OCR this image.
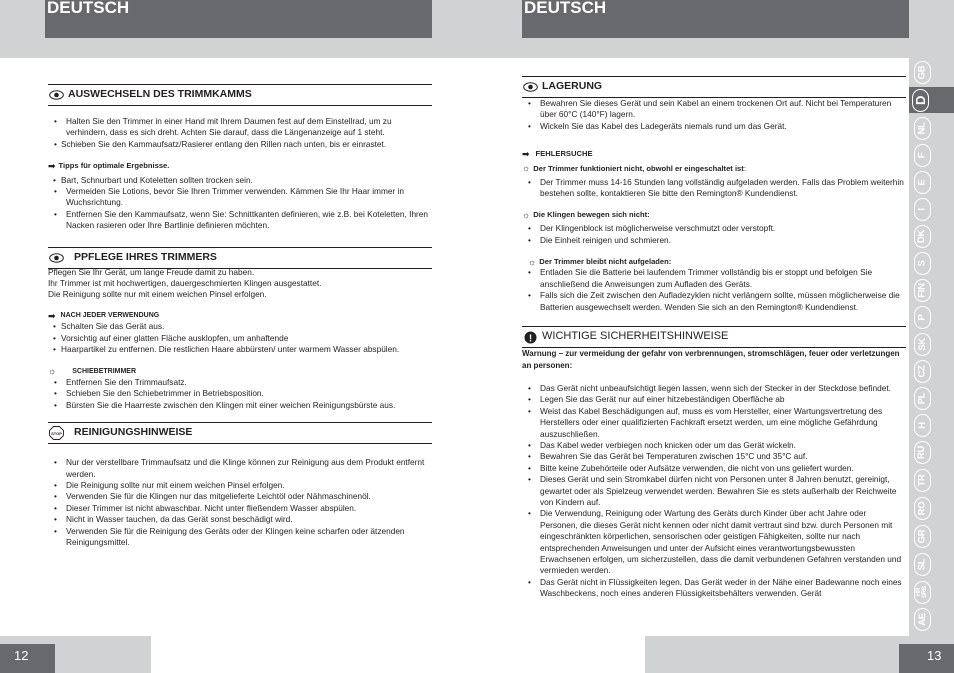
DEUTSCH	DEUTSCH
12	13
AUSWECHSELN DES TRIMMKAMMS
• Halten Sie den Trimmer in einer Hand mit Ihrem Daumen fest auf dem Einstellrad, um zu verhindern, dass es sich dreht. Achten Sie darauf, dass die Längenanzeige auf 1 steht.
• Schieben Sie den Kammaufsatz/Rasierer entlang den Rillen nach unten, bis er einrastet.
➡ Tipps für optimale Ergebnisse.
• Bart, Schnurbart und Koteletten sollten trocken sein.
• Vermeiden Sie Lotions, bevor Sie Ihren Trimmer verwenden. Kämmen Sie Ihr Haar immer in Wuchsrichtung.
• Entfernen Sie den Kammaufsatz, wenn Sie: Schnittkanten definieren, wie z.B. bei Koteletten, Ihren Nacken rasieren oder Ihre Bartlinie definieren möchten.
PPFLEGE IHRES TRIMMERS
Pflegen Sie Ihr Gerät, um lange Freude damit zu haben.
Ihr Trimmer ist mit hochwertigen, dauergeschmierten Klingen ausgestattet.
Die Reinigung sollte nur mit einem weichen Pinsel erfolgen.
➡ NACH JEDER VERWENDUNG
• Schalten Sie das Gerät aus.
• Vorsichtig auf einer glatten Fläche ausklopfen, um anhaftende
• Haarpartikel zu entfernen. Die restlichen Haare abbürsten/ unter warmem Wasser abspülen.
☼ SCHIEBETRIMMER
• Entfernen Sie den Trimmaufsatz.
• Schieben Sie den Schiebetrimmer in Betriebsposition.
• Bürsten Sie die Haarreste zwischen den Klingen mit einer weichen Reinigungsbürste aus.
STOP REINIGUNGSHINWEISE
• Nur der verstellbare Trimmaufsatz und die Klinge können zur Reinigung aus dem Produkt entfernt werden.
• Die Reinigung sollte nur mit einem weichen Pinsel erfolgen.
• Verwenden Sie für die Klingen nur das mitgelieferte Leichtöl oder Nähmaschinenöl.
• Dieser Trimmer ist nicht abwaschbar. Nicht unter fließendem Wasser abspülen.
• Nicht in Wasser tauchen, da das Gerät sonst beschädigt wird.
• Verwenden Sie für die Reinigung des Geräts oder der Klingen keine scharfen oder ätzenden Reinigungsmittel.
LAGERUNG
• Bewahren Sie dieses Gerät und sein Kabel an einem trockenen Ort auf. Nicht bei Temperaturen über 60°C (140°F) lagern.
• Wickeln Sie das Kabel des Ladegeräts niemals rund um das Gerät.
➡ FEHLERSUCHE
☼ Der Trimmer funktioniert nicht, obwohl er eingeschaltet ist :
• Der Trimmer muss 14-16 Stunden lang vollständig aufgeladen werden. Falls das Problem weiterhin bestehen sollte, kontaktieren Sie bitte den Remington® Kundendienst.
☼ Die Klingen bewegen sich nicht:
• Der Klingenblock ist möglicherweise verschmutzt oder verstopft.
• Die Einheit reinigen und schmieren.
☼ Der Trimmer bleibt nicht aufgeladen:
• Entladen Sie die Batterie bei laufendem Trimmer vollständig bis er stoppt und befolgen Sie anschließend die Anweisungen zum Aufladen des Geräts.
• Falls sich die Zeit zwischen den Aufladezyklen nicht verlängern sollte, müssen möglicherweise die Batterien ausgewechselt werden. Wenden Sie sich an den Remington® Kundendienst.
! WICHTIGE SICHERHEITSHINWEISE
Warnung – zur vermeidung der gefahr von verbrennungen, stromschlägen, feuer oder verletzungen an personen:
• Das Gerät nicht unbeaufsichtigt liegen lassen, wenn sich der Stecker in der Steckdose befindet.
• Legen Sie das Gerät nur auf einer hitzebeständigen Oberfläche ab
• Weist das Kabel Beschädigungen auf, muss es vom Hersteller, einer Wartungsvertretung des Herstellers oder einer qualifizierten Fachkraft ersetzt werden, um eine mögliche Gefährdung auszuschließen.
• Das Kabel weder verbiegen noch knicken oder um das Gerät wickeln.
• Bewahren Sie das Gerät bei Temperaturen zwischen 15°C und 35°C auf.
• Bitte keine Zubehörteile oder Aufsätze verwenden, die nicht von uns geliefert wurden.
• Dieses Gerät und sein Stromkabel dürfen nicht von Personen unter 8 Jahren benutzt, gereinigt, gewartet oder als Spielzeug verwendet werden. Bewahren Sie es stets außerhalb der Reichweite von Kindern auf.
• Die Verwendung, Reinigung oder Wartung des Geräts durch Kinder über acht Jahre oder Personen, die dieses Gerät nicht kennen oder nicht damit vertraut sind bzw. durch Personen mit eingeschränkten körperlichen, sensorischen oder geistigen Fähigkeiten, sollte nur nach entsprechenden Anweisungen und unter der Aufsicht eines verantwortungsbewussten Erwachsenen erfolgen, um sicherzustellen, dass die damit verbundenen Gefahren verstanden und vermieden werden.
• Das Gerät nicht in Flüssigkeiten legen. Das Gerät weder in der Nähe einer Badewanne noch eines Waschbeckens, noch eines anderen Flüssigkeitsbehälters verwenden. Gerät
GB
D
NL
F
E
I
DK
S
FIN
P
SK
CZ
PL
H
RU
TR
RO
GR
SL
HR SRB
AE
